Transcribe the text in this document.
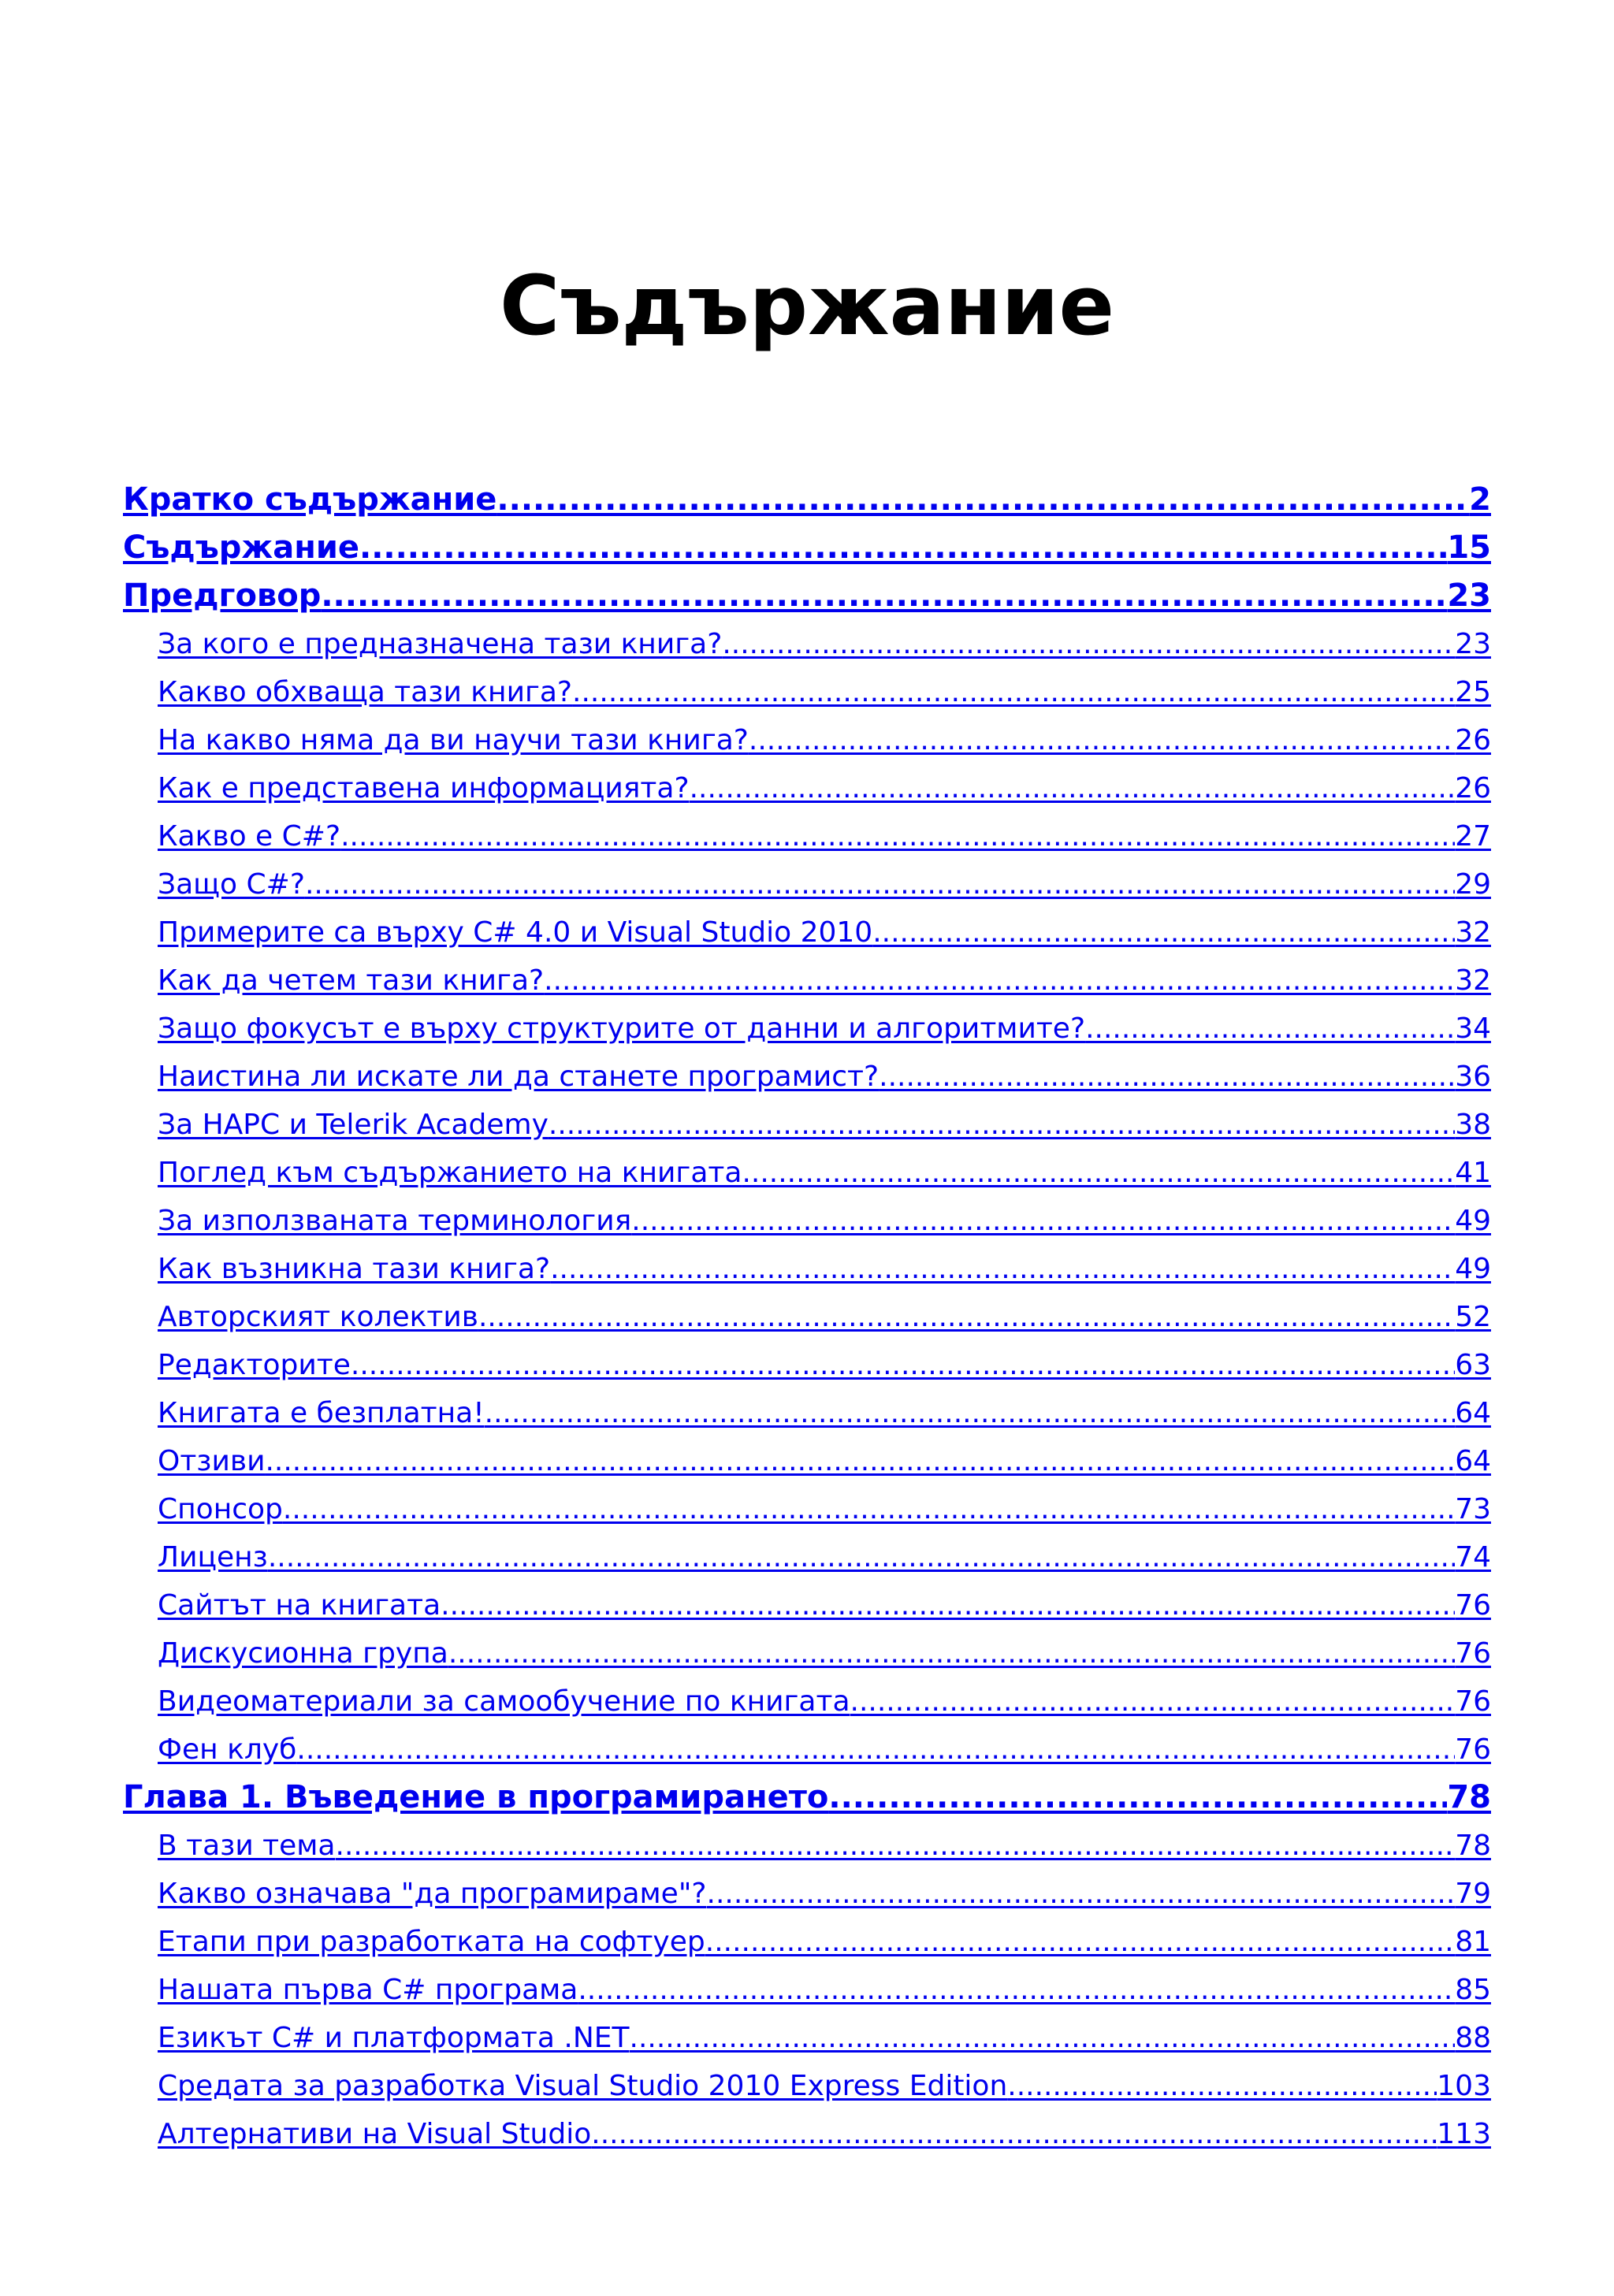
Съдържание
Кратко съдържание .....	2
Съдържание .....	15
Предговор .....	23
За кого е предназначена тази книга? .....	23
Какво обхваща тази книга? .....	25
На какво няма да ви научи тази книга? .....	26
Как е представена информацията? .....	26
Какво е C#? .....	27
Защо C#? .....	29
Примерите са върху C# 4.0 и Visual Studio 2010 .....	32
Как да четем тази книга? .....	32
Защо фокусът е върху структурите от данни и алгоритмите? .....	34
Наистина ли искате ли да станете програмист? .....	36
За НАРС и Telerik Academy .....	38
Поглед към съдържанието на книгата .....	41
За използваната терминология .....	49
Как възникна тази книга? .....	49
Авторският колектив .....	52
Редакторите .....	63
Книгата е безплатна! .....	64
Отзиви .....	64
Спонсор .....	73
Лиценз .....	74
Сайтът на книгата .....	76
Дискусионна група .....	76
Видеоматериали за самообучение по книгата .....	76
Фен клуб .....	76
Глава 1. Въведение в програмирането .....	78
В тази тема .....	78
Какво означава "да програмираме"? .....	79
Етапи при разработката на софтуер .....	81
Нашата първа C# програма .....	85
Езикът C# и платформата .NET .....	88
Средата за разработка Visual Studio 2010 Express Edition .....	103
Алтернативи на Visual Studio .....	113
